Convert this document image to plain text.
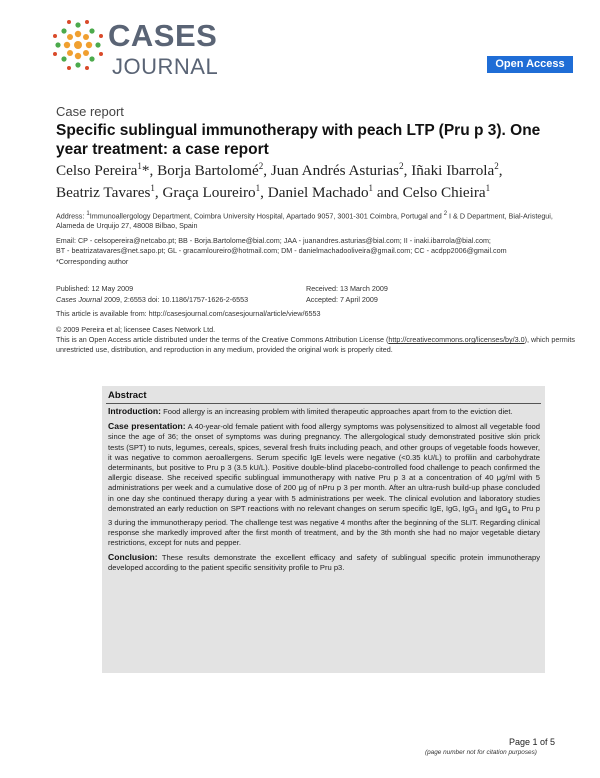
CASES
JOURNAL	Open Access
Case report
Specific sublingual immunotherapy with peach LTP (Pru p 3). One year treatment: a case report
Celso Pereira$^1$*, Borja Bartolomé$^2$, Juan Andrés Asturias$^2$, Iñaki Ibarrola$^2$,
Beatriz Tavares$^1$, Graça Loureiro$^1$, Daniel Machado$^1$ and Celso Chieira$^1$
Address: $^1$Immunoallergology Department, Coimbra University Hospital, Apartado 9057, 3001-301 Coimbra, Portugal and $^2$ I & D Department, Bial-Aristegui, Alameda de Urquijo 27, 48008 Bilbao, Spain
Email: CP - celsopereira@netcabo.pt; BB - Borja.Bartolome@bial.com; JAA - juanandres.asturias@bial.com; II - inaki.ibarrola@bial.com;
BT - beatrizatavares@net.sapo.pt; GL - gracamloureiro@hotmail.com; DM - danielmachadooliveira@gmail.com; CC - acdpp2006@gmail.com
*Corresponding author
Published: 12 May 2009
Cases Journal 2009, 2:6553 doi: 10.1186/1757-1626-2-6553
Received: 13 March 2009
Accepted: 7 April 2009
This article is available from: http://casesjournal.com/casesjournal/article/view/6553
© 2009 Pereira et al; licensee Cases Network Ltd.
This is an Open Access article distributed under the terms of the Creative Commons Attribution License (http://creativecommons.org/licenses/by/3.0), which permits unrestricted use, distribution, and reproduction in any medium, provided the original work is properly cited.
Abstract

Introduction: Food allergy is an increasing problem with limited therapeutic approaches apart from to the eviction diet.

Case presentation: A 40-year-old female patient with food allergy symptoms was polysensitized to almost all vegetable food since the age of 36; the onset of symptoms was during pregnancy. The allergological study demonstrated positive skin prick tests (SPT) to nuts, legumes, cereals, spices, several fresh fruits including peach, and other groups of vegetable foods however, it was negative to common aeroallergens. Serum specific IgE levels were negative (<0.35 kU/L) to profilin and carbohydrate determinants, but positive to Pru p 3 (3.5 kU/L). Positive double-blind placebo-controlled food challenge to peach confirmed the allergic disease. She received specific sublingual immunotherapy with native Pru p 3 at a concentration of 40 μg/ml with 5 administrations per week and a cumulative dose of 200 μg of nPru p 3 per month. After an ultra-rush build-up phase concluded in one day she continued therapy during a year with 5 administrations per week. The clinical evolution and laboratory studies demonstrated an early reduction on SPT reactions with no relevant changes on serum specific IgE, IgG, IgG$_1$ and IgG$_4$ to Pru p 3 during the immunotherapy period. The challenge test was negative 4 months after the beginning of the SLIT. Regarding clinical response she markedly improved after the first month of treatment, and by the 3th month she had no major vegetable dietary restrictions, except for nuts and pepper.

Conclusion: These results demonstrate the excellent efficacy and safety of sublingual specific protein immunotherapy developed according to the patient specific sensitivity profile to Pru p3.

Page 1 of 5
(page number not for citation purposes)
